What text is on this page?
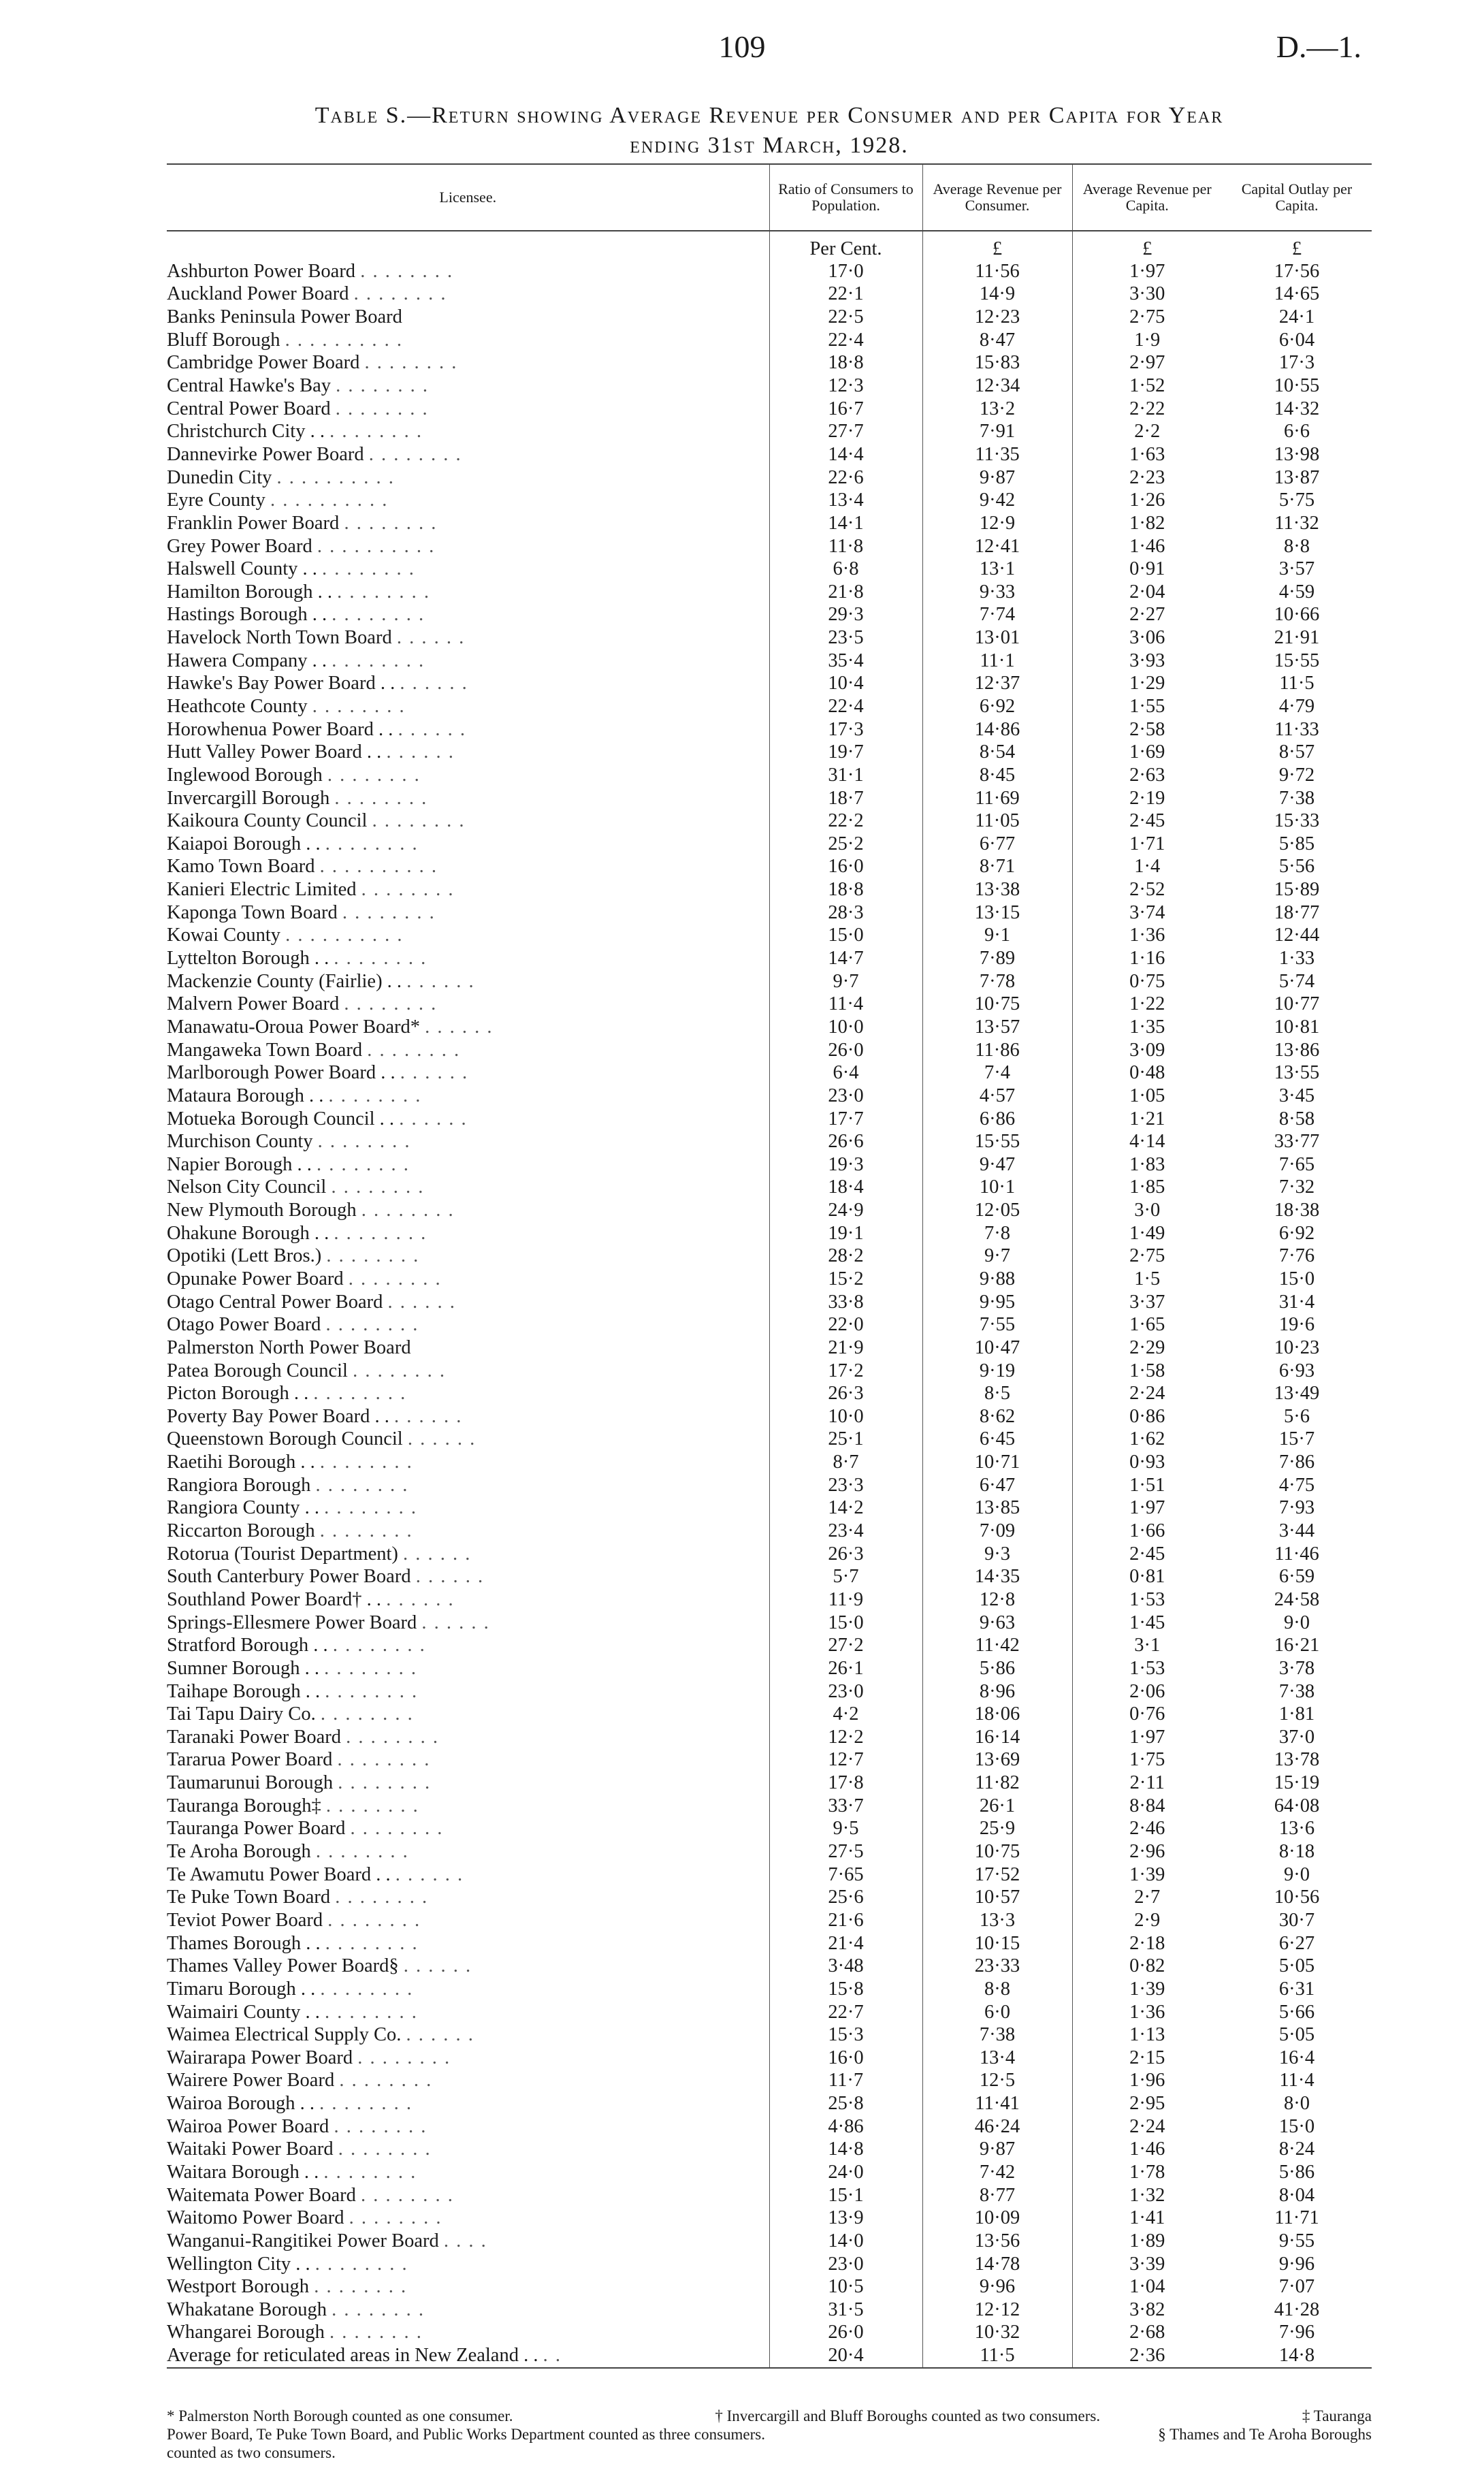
109	D.—1.
Table S.—Return showing Average Revenue per Consumer and per Capita for Year
ending 31st March, 1928.
Licensee.	Ratio of Consumers to Population.	Average Revenue per Consumer.	Average Revenue per Capita.	Capital Outlay per Capita.
	Per Cent.	£	£	£
Ashburton Power Board . . . . . . . .	17·0	11·56	1·97	17·56
Auckland Power Board . . . . . . . .	22·1	14·9	3·30	14·65
Banks Peninsula Power Board	22·5	12·23	2·75	24·1
Bluff Borough . . . . . . . . . .	22·4	8·47	1·9	6·04
Cambridge Power Board . . . . . . . .	18·8	15·83	2·97	17·3
Central Hawke's Bay . . . . . . . .	12·3	12·34	1·52	10·55
Central Power Board . . . . . . . .	16·7	13·2	2·22	14·32
Christchurch City . . . . . . . . . .	27·7	7·91	2·2	6·6
Dannevirke Power Board . . . . . . . .	14·4	11·35	1·63	13·98
Dunedin City . . . . . . . . . .	22·6	9·87	2·23	13·87
Eyre County . . . . . . . . . .	13·4	9·42	1·26	5·75
Franklin Power Board . . . . . . . .	14·1	12·9	1·82	11·32
Grey Power Board . . . . . . . . . .	11·8	12·41	1·46	8·8
Halswell County . . . . . . . . . .	6·8	13·1	0·91	3·57
Hamilton Borough . . . . . . . . . .	21·8	9·33	2·04	4·59
Hastings Borough . . . . . . . . . .	29·3	7·74	2·27	10·66
Havelock North Town Board . . . . . .	23·5	13·01	3·06	21·91
Hawera Company . . . . . . . . . .	35·4	11·1	3·93	15·55
Hawke's Bay Power Board . . . . . . . .	10·4	12·37	1·29	11·5
Heathcote County . . . . . . . .	22·4	6·92	1·55	4·79
Horowhenua Power Board . . . . . . . .	17·3	14·86	2·58	11·33
Hutt Valley Power Board . . . . . . . .	19·7	8·54	1·69	8·57
Inglewood Borough . . . . . . . .	31·1	8·45	2·63	9·72
Invercargill Borough . . . . . . . .	18·7	11·69	2·19	7·38
Kaikoura County Council . . . . . . . .	22·2	11·05	2·45	15·33
Kaiapoi Borough . . . . . . . . . .	25·2	6·77	1·71	5·85
Kamo Town Board . . . . . . . . . .	16·0	8·71	1·4	5·56
Kanieri Electric Limited . . . . . . . .	18·8	13·38	2·52	15·89
Kaponga Town Board . . . . . . . .	28·3	13·15	3·74	18·77
Kowai County . . . . . . . . . .	15·0	9·1	1·36	12·44
Lyttelton Borough . . . . . . . . . .	14·7	7·89	1·16	1·33
Mackenzie County (Fairlie) . . . . . . . .	9·7	7·78	0·75	5·74
Malvern Power Board . . . . . . . .	11·4	10·75	1·22	10·77
Manawatu-Oroua Power Board* . . . . . .	10·0	13·57	1·35	10·81
Mangaweka Town Board . . . . . . . .	26·0	11·86	3·09	13·86
Marlborough Power Board . . . . . . . .	6·4	7·4	0·48	13·55
Mataura Borough . . . . . . . . . .	23·0	4·57	1·05	3·45
Motueka Borough Council . . . . . . . .	17·7	6·86	1·21	8·58
Murchison County . . . . . . . .	26·6	15·55	4·14	33·77
Napier Borough . . . . . . . . . .	19·3	9·47	1·83	7·65
Nelson City Council . . . . . . . .	18·4	10·1	1·85	7·32
New Plymouth Borough . . . . . . . .	24·9	12·05	3·0	18·38
Ohakune Borough . . . . . . . . . .	19·1	7·8	1·49	6·92
Opotiki (Lett Bros.) . . . . . . . .	28·2	9·7	2·75	7·76
Opunake Power Board . . . . . . . .	15·2	9·88	1·5	15·0
Otago Central Power Board . . . . . .	33·8	9·95	3·37	31·4
Otago Power Board . . . . . . . .	22·0	7·55	1·65	19·6
Palmerston North Power Board	21·9	10·47	2·29	10·23
Patea Borough Council . . . . . . . .	17·2	9·19	1·58	6·93
Picton Borough . . . . . . . . . .	26·3	8·5	2·24	13·49
Poverty Bay Power Board . . . . . . . .	10·0	8·62	0·86	5·6
Queenstown Borough Council . . . . . .	25·1	6·45	1·62	15·7
Raetihi Borough . . . . . . . . . .	8·7	10·71	0·93	7·86
Rangiora Borough . . . . . . . .	23·3	6·47	1·51	4·75
Rangiora County . . . . . . . . . .	14·2	13·85	1·97	7·93
Riccarton Borough . . . . . . . .	23·4	7·09	1·66	3·44
Rotorua (Tourist Department) . . . . . .	26·3	9·3	2·45	11·46
South Canterbury Power Board . . . . . .	5·7	14·35	0·81	6·59
Southland Power Board† . . . . . . . .	11·9	12·8	1·53	24·58
Springs-Ellesmere Power Board . . . . . .	15·0	9·63	1·45	9·0
Stratford Borough . . . . . . . . . .	27·2	11·42	3·1	16·21
Sumner Borough . . . . . . . . . .	26·1	5·86	1·53	3·78
Taihape Borough . . . . . . . . . .	23·0	8·96	2·06	7·38
Tai Tapu Dairy Co. . . . . . . . .	4·2	18·06	0·76	1·81
Taranaki Power Board . . . . . . . .	12·2	16·14	1·97	37·0
Tararua Power Board . . . . . . . .	12·7	13·69	1·75	13·78
Taumarunui Borough . . . . . . . .	17·8	11·82	2·11	15·19
Tauranga Borough‡ . . . . . . . .	33·7	26·1	8·84	64·08
Tauranga Power Board . . . . . . . .	9·5	25·9	2·46	13·6
Te Aroha Borough . . . . . . . .	27·5	10·75	2·96	8·18
Te Awamutu Power Board . . . . . . . .	7·65	17·52	1·39	9·0
Te Puke Town Board . . . . . . . .	25·6	10·57	2·7	10·56
Teviot Power Board . . . . . . . .	21·6	13·3	2·9	30·7
Thames Borough . . . . . . . . . .	21·4	10·15	2·18	6·27
Thames Valley Power Board§ . . . . . .	3·48	23·33	0·82	5·05
Timaru Borough . . . . . . . . . .	15·8	8·8	1·39	6·31
Waimairi County . . . . . . . . . .	22·7	6·0	1·36	5·66
Waimea Electrical Supply Co. . . . . . .	15·3	7·38	1·13	5·05
Wairarapa Power Board . . . . . . . .	16·0	13·4	2·15	16·4
Wairere Power Board . . . . . . . .	11·7	12·5	1·96	11·4
Wairoa Borough . . . . . . . . . .	25·8	11·41	2·95	8·0
Wairoa Power Board . . . . . . . .	4·86	46·24	2·24	15·0
Waitaki Power Board . . . . . . . .	14·8	9·87	1·46	8·24
Waitara Borough . . . . . . . . . .	24·0	7·42	1·78	5·86
Waitemata Power Board . . . . . . . .	15·1	8·77	1·32	8·04
Waitomo Power Board . . . . . . . .	13·9	10·09	1·41	11·71
Wanganui-Rangitikei Power Board . . . .	14·0	13·56	1·89	9·55
Wellington City . . . . . . . . . .	23·0	14·78	3·39	9·96
Westport Borough . . . . . . . .	10·5	9·96	1·04	7·07
Whakatane Borough . . . . . . . .	31·5	12·12	3·82	41·28
Whangarei Borough . . . . . . . .	26·0	10·32	2·68	7·96
Average for reticulated areas in New Zealand . . . .	20·4	11·5	2·36	14·8
* Palmerston North Borough counted as one consumer.	† Invercargill and Bluff Boroughs counted as two consumers.	‡ Tauranga
Power Board, Te Puke Town Board, and Public Works Department counted as three consumers.	§ Thames and Te Aroha Boroughs
counted as two consumers.
